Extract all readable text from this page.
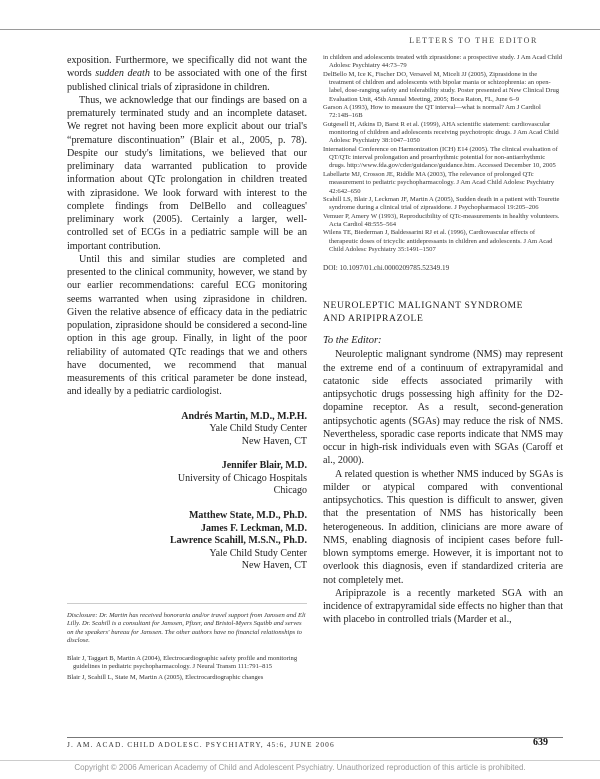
LETTERS TO THE EDITOR

exposition. Furthermore, we specifically did not want the words sudden death to be associated with one of the first published clinical trials of ziprasidone in children.

Thus, we acknowledge that our findings are based on a prematurely terminated study and an incomplete dataset. We regret not having been more explicit about our trial's “premature discontinuation” (Blair et al., 2005, p. 78). Despite our study's limitations, we believed that our preliminary data warranted publication to provide information about QTc prolongation in children treated with ziprasidone. We look forward with interest to the complete findings from DelBello and colleagues' preliminary work (2005). Certainly a larger, well-controlled set of ECGs in a pediatric sample will be an important contribution.

Until this and similar studies are completed and presented to the clinical community, however, we stand by our earlier recommendations: careful ECG monitoring seems warranted when using ziprasidone in children. Given the relative absence of efficacy data in the pediatric population, ziprasidone should be considered a second-line option in this age group. Finally, in light of the poor reliability of automated QTc readings that we and others have documented, we recommend that manual measurements of this critical parameter be done instead, and ideally by a pediatric cardiologist.

Andrés Martin, M.D., M.P.H.

Yale Child Study Center

New Haven, CT

Jennifer Blair, M.D.

University of Chicago Hospitals

Chicago

Matthew State, M.D., Ph.D.

James F. Leckman, M.D.

Lawrence Scahill, M.S.N., Ph.D.

Yale Child Study Center

New Haven, CT

Disclosure: Dr. Martin has received honoraria and/or travel support from Janssen and Eli Lilly. Dr. Scahill is a consultant for Janssen, Pfizer, and Bristol-Myers Squibb and serves on the speakers' bureau for Janssen. The other authors have no financial relationships to disclose.

Blair J, Taggart B, Martin A (2004), Electrocardiographic safety profile and monitoring guidelines in pediatric psychopharmacology. J Neural Transm 111:791–815

Blair J, Scahill L, State M, Martin A (2005), Electrocardiographic changes

in children and adolescents treated with ziprasidone: a prospective study. J Am Acad Child Adolesc Psychiatry 44:73–79

DelBello M, Ice K, Fischer DO, Versavel M, Miceli JJ (2005), Ziprasidone in the treatment of children and adolescents with bipolar mania or schizophrenia: an open-label, dose-ranging safety and tolerability study. Poster presented at New Clinical Drug Evaluation Unit, 45th Annual Meeting, 2005; Boca Raton, FL, June 6–9

Garson A (1993), How to measure the QT interval—what is normal? Am J Cardiol 72:14B–16B

Gutgesell H, Atkins D, Barst R et al. (1999), AHA scientific statement: cardiovascular monitoring of children and adolescents receiving psychotropic drugs. J Am Acad Child Adolesc Psychiatry 38:1047–1050

International Conference on Harmonization (ICH) E14 (2005). The clinical evaluation of QT/QTc interval prolongation and proarrhythmic potential for non-antiarrhythmic drugs. http://www.fda.gov/cder/guidance/guidance.htm. Accessed December 10, 2005

Labellarte MJ, Crosson JE, Riddle MA (2003), The relevance of prolonged QTc measurement to pediatric psychopharmacology. J Am Acad Child Adolesc Psychiatry 42:642–650

Scahill LS, Blair J, Leckman JF, Martin A (2005), Sudden death in a patient with Tourette syndrome during a clinical trial of ziprasidone. J Psychopharmacol 19:205–206

Vemuer P, Amery W (1993), Reproducibility of QTc-measurements in healthy volunteers. Acta Cardiol 48:555–564

Wilens TE, Biederman J, Baldessarini RJ et al. (1996), Cardiovascular effects of therapeutic doses of tricyclic antidepressants in children and adolescents. J Am Acad Child Adolesc Psychiatry 35:1491–1507

DOI: 10.1097/01.chi.0000209785.52349.19

NEUROLEPTIC MALIGNANT SYNDROME

AND ARIPIPRAZOLE

To the Editor:

Neuroleptic malignant syndrome (NMS) may represent the extreme end of a continuum of extrapyramidal and catatonic side effects associated primarily with antipsychotic drugs possessing high affinity for the D2-dopamine receptor. As a result, second-generation antipsychotic agents (SGAs) may reduce the risk of NMS. Nevertheless, sporadic case reports indicate that NMS may occur in high-risk individuals even with SGAs (Caroff et al., 2000).

A related question is whether NMS induced by SGAs is milder or atypical compared with conventional antipsychotics. This question is difficult to answer, given that the presentation of NMS has historically been heterogeneous. In addition, clinicians are more aware of NMS, enabling diagnosis of incipient cases before full-blown symptoms emerge. However, it is important not to overlook this diagnosis, even if standardized criteria are not completely met.

Aripiprazole is a recently marketed SGA with an incidence of extrapyramidal side effects no higher than that with placebo in controlled trials (Marder et al.,

J. AM. ACAD. CHILD ADOLESC. PSYCHIATRY, 45:6, JUNE 2006	639
Copyright © 2006 American Academy of Child and Adolescent Psychiatry. Unauthorized reproduction of this article is prohibited.
